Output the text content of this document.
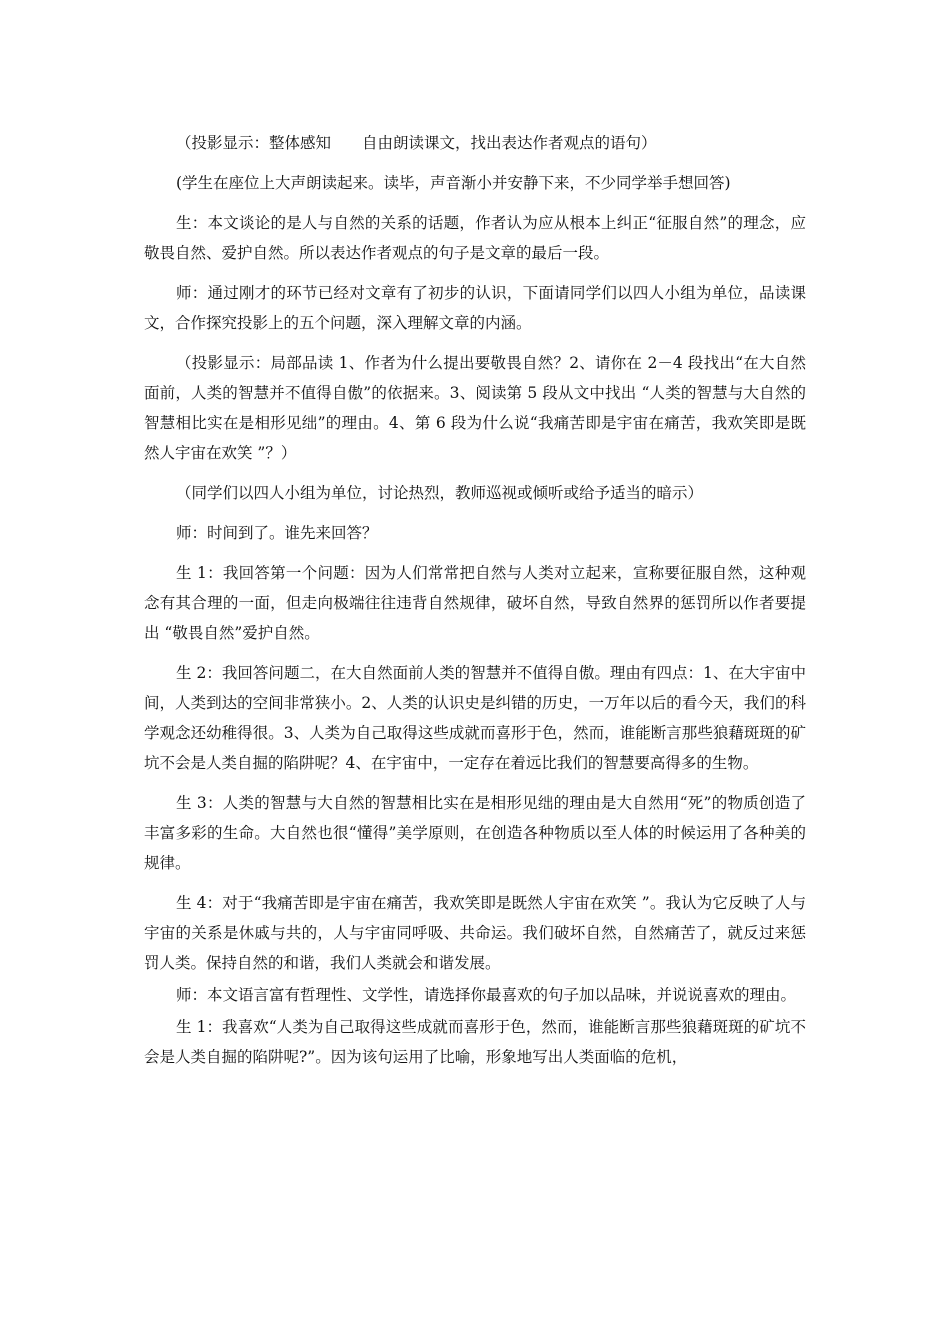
（投影显示：整体感知　　自由朗读课文，找出表达作者观点的语句）

(学生在座位上大声朗读起来。读毕，声音渐小并安静下来，不少同学举手想回答)

生：本文谈论的是人与自然的关系的话题，作者认为应从根本上纠正“征服自然”的理念，应敬畏自然、爱护自然。所以表达作者观点的句子是文章的最后一段。

师：通过刚才的环节已经对文章有了初步的认识，下面请同学们以四人小组为单位，品读课文，合作探究投影上的五个问题，深入理解文章的内涵。

（投影显示：局部品读 1、作者为什么提出要敬畏自然？2、请你在 2－4 段找出“在大自然面前，人类的智慧并不值得自傲”的依据来。3、阅读第 5 段从文中找出 “人类的智慧与大自然的智慧相比实在是相形见绌”的理由。4、第 6 段为什么说“我痛苦即是宇宙在痛苦，我欢笑即是既然人宇宙在欢笑 ”？）

（同学们以四人小组为单位，讨论热烈，教师巡视或倾听或给予适当的暗示）

师：时间到了。谁先来回答？

生 1：我回答第一个问题：因为人们常常把自然与人类对立起来，宣称要征服自然，这种观念有其合理的一面，但走向极端往往违背自然规律，破坏自然，导致自然界的惩罚所以作者要提出 “敬畏自然”爱护自然。

生 2：我回答问题二，在大自然面前人类的智慧并不值得自傲。理由有四点：1、在大宇宙中间，人类到达的空间非常狭小。2、人类的认识史是纠错的历史，一万年以后的看今天，我们的科学观念还幼稚得很。3、人类为自己取得这些成就而喜形于色，然而，谁能断言那些狼藉斑斑的矿坑不会是人类自掘的陷阱呢？4、在宇宙中，一定存在着远比我们的智慧要高得多的生物。

生 3：人类的智慧与大自然的智慧相比实在是相形见绌的理由是大自然用“死”的物质创造了丰富多彩的生命。大自然也很“懂得”美学原则，在创造各种物质以至人体的时候运用了各种美的规律。

生 4：对于“我痛苦即是宇宙在痛苦，我欢笑即是既然人宇宙在欢笑 ”。我认为它反映了人与宇宙的关系是休戚与共的，人与宇宙同呼吸、共命运。我们破坏自然，自然痛苦了，就反过来惩罚人类。保持自然的和谐，我们人类就会和谐发展。

师：本文语言富有哲理性、文学性，请选择你最喜欢的句子加以品味，并说说喜欢的理由。

生 1：我喜欢“人类为自己取得这些成就而喜形于色，然而，谁能断言那些狼藉斑斑的矿坑不会是人类自掘的陷阱呢?”。因为该句运用了比喻，形象地写出人类面临的危机，
